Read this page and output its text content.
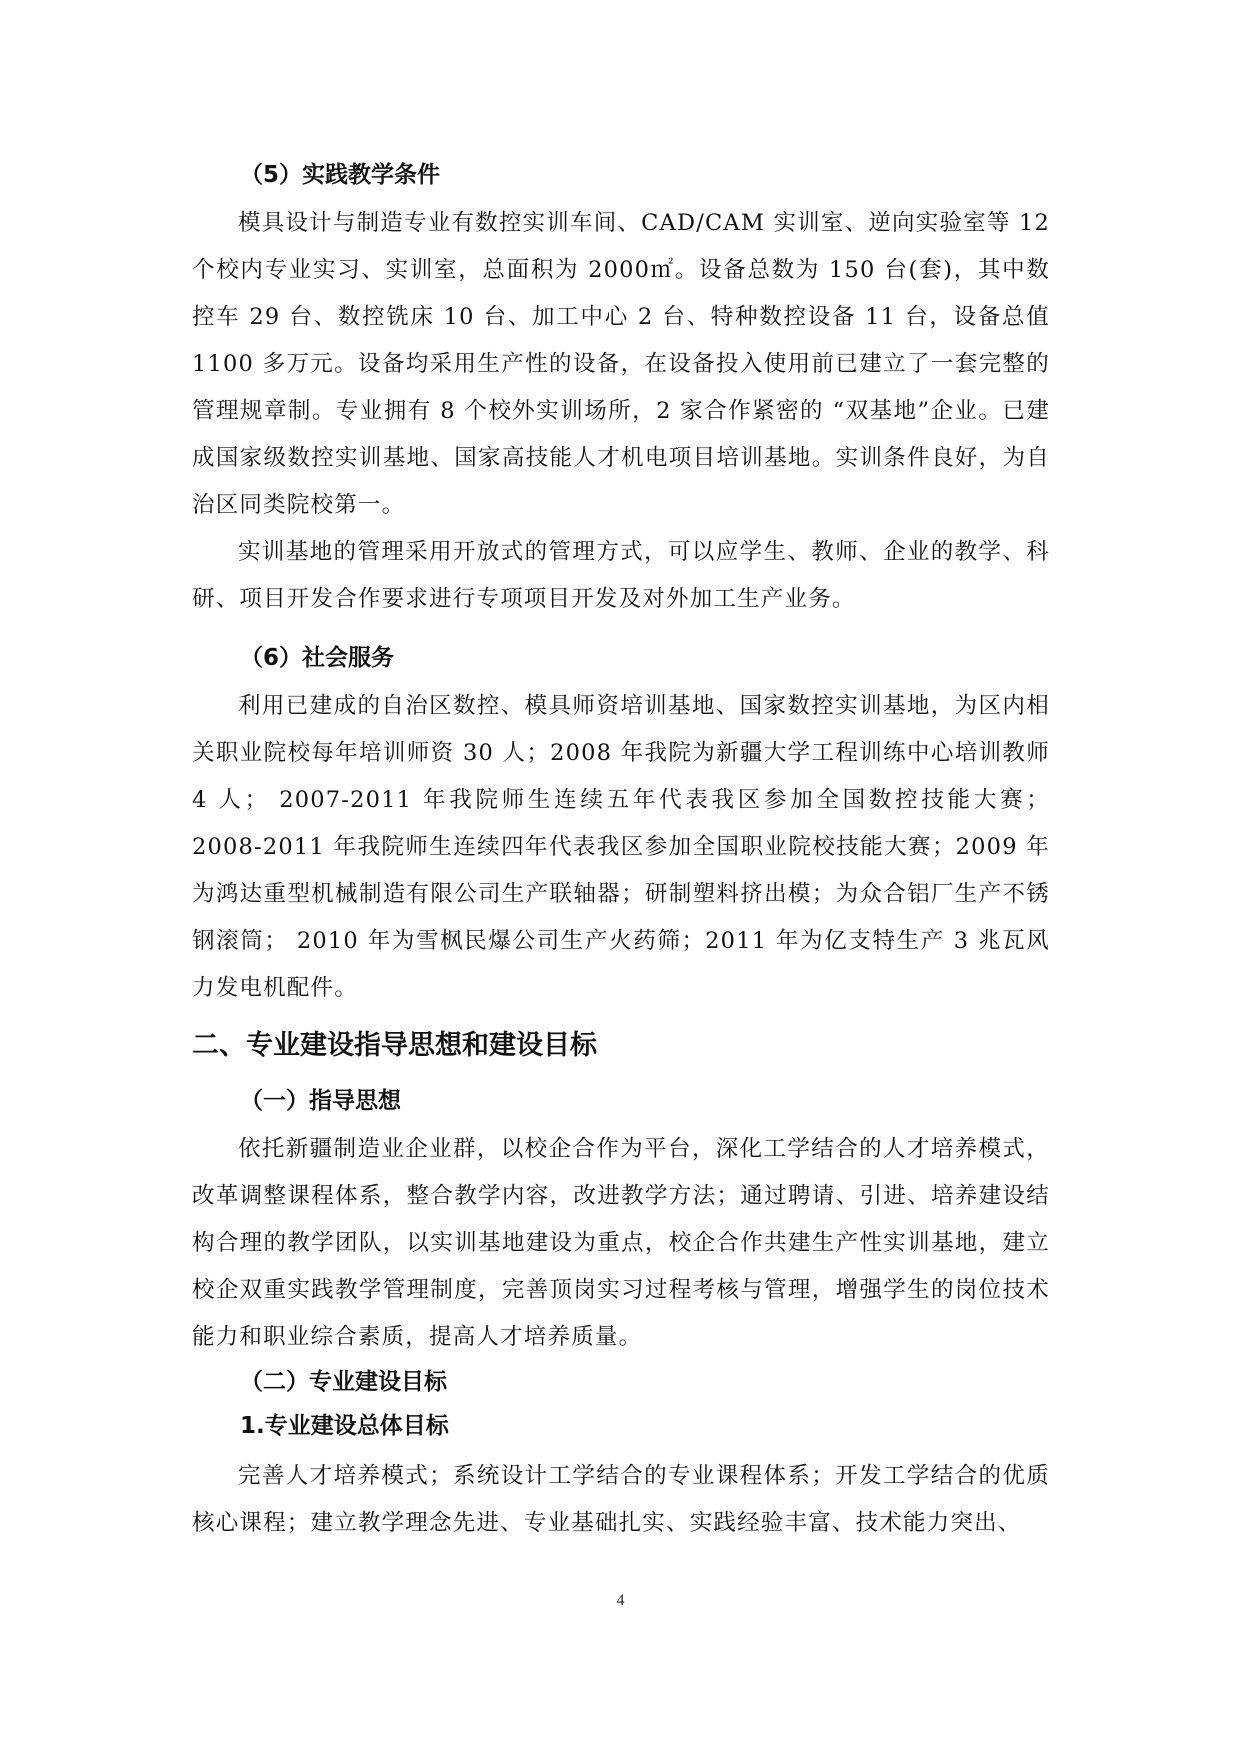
（5）实践教学条件

模具设计与制造专业有数控实训车间、CAD/CAM 实训室、逆向实验室等 12 个校内专业实习、实训室，总面积为 2000㎡。设备总数为 150 台(套)，其中数控车 29 台、数控铣床 10 台、加工中心 2 台、特种数控设备 11 台，设备总值 1100 多万元。设备均采用生产性的设备，在设备投入使用前已建立了一套完整的管理规章制。专业拥有 8 个校外实训场所，2 家合作紧密的 “双基地”企业。已建成国家级数控实训基地、国家高技能人才机电项目培训基地。实训条件良好，为自治区同类院校第一。

实训基地的管理采用开放式的管理方式，可以应学生、教师、企业的教学、科研、项目开发合作要求进行专项项目开发及对外加工生产业务。

（6）社会服务

利用已建成的自治区数控、模具师资培训基地、国家数控实训基地，为区内相关职业院校每年培训师资 30 人；2008 年我院为新疆大学工程训练中心培训教师 4 人； 2007-2011 年我院师生连续五年代表我区参加全国数控技能大赛；2008-2011 年我院师生连续四年代表我区参加全国职业院校技能大赛；2009 年为鸿达重型机械制造有限公司生产联轴器；研制塑料挤出模；为众合铝厂生产不锈钢滚筒； 2010 年为雪枫民爆公司生产火药筛；2011 年为亿支特生产 3 兆瓦风力发电机配件。

二、专业建设指导思想和建设目标
（一）指导思想

依托新疆制造业企业群，以校企合作为平台，深化工学结合的人才培养模式，改革调整课程体系，整合教学内容，改进教学方法；通过聘请、引进、培养建设结构合理的教学团队，以实训基地建设为重点，校企合作共建生产性实训基地，建立校企双重实践教学管理制度，完善顶岗实习过程考核与管理，增强学生的岗位技术能力和职业综合素质，提高人才培养质量。

（二）专业建设目标
1.专业建设总体目标

完善人才培养模式；系统设计工学结合的专业课程体系；开发工学结合的优质核心课程；建立教学理念先进、专业基础扎实、实践经验丰富、技术能力突出、

4
